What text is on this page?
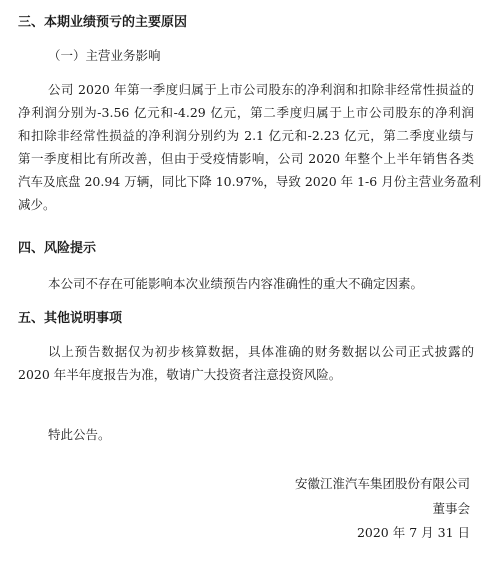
三、本期业绩预亏的主要原因
（一）主营业务影响
公司 2020 年第一季度归属于上市公司股东的净利润和扣除非经常性损益的
净利润分别为-3.56 亿元和-4.29 亿元，第二季度归属于上市公司股东的净利润
和扣除非经常性损益的净利润分别约为 2.1 亿元和-2.23 亿元，第二季度业绩与
第一季度相比有所改善，但由于受疫情影响，公司 2020 年整个上半年销售各类
汽车及底盘 20.94 万辆，同比下降 10.97%，导致 2020 年 1-6 月份主营业务盈利
减少。
四、风险提示
本公司不存在可能影响本次业绩预告内容准确性的重大不确定因素。
五、其他说明事项
以上预告数据仅为初步核算数据，具体准确的财务数据以公司正式披露的
2020 年半年度报告为准，敬请广大投资者注意投资风险。
特此公告。
安徽江淮汽车集团股份有限公司
董事会
2020 年 7 月 31 日
